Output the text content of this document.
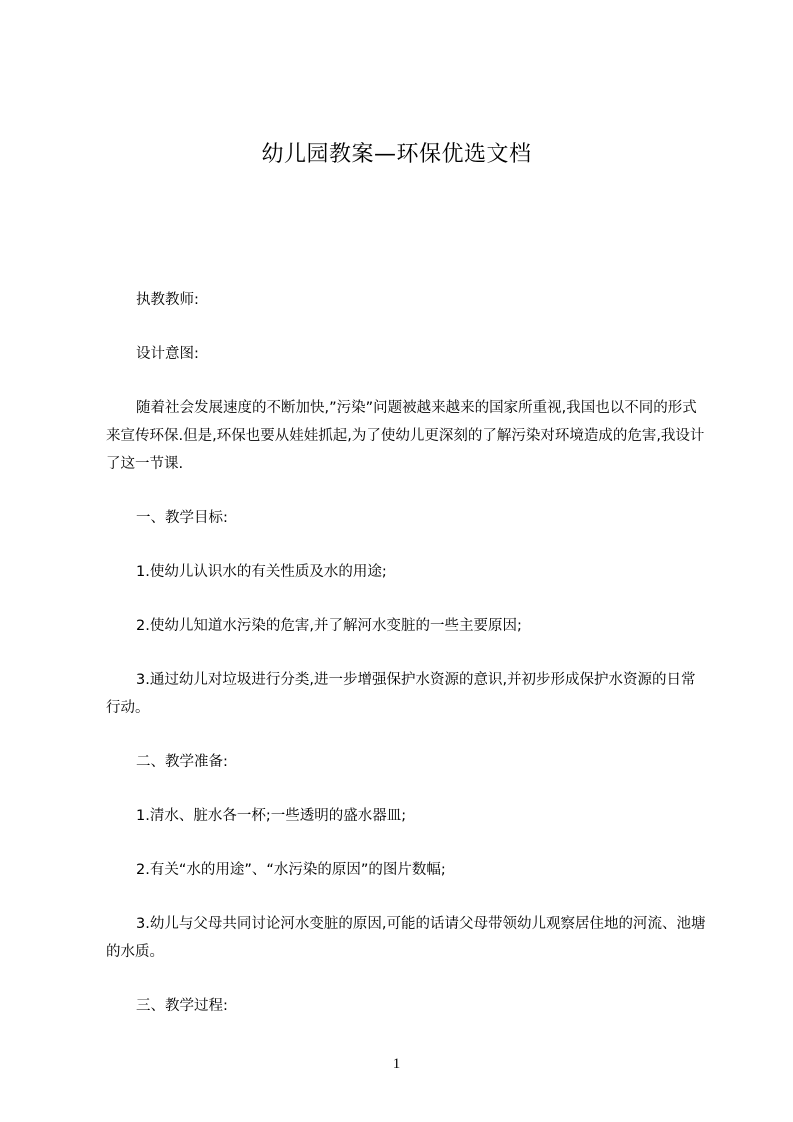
幼儿园教案—环保优选文档

执教教师:

设计意图:

随着社会发展速度的不断加快,”污染”问题被越来越来的国家所重视,我国也以不同的形式来宣传环保.但是,环保也要从娃娃抓起,为了使幼儿更深刻的了解污染对环境造成的危害,我设计了这一节课.

一、教学目标:

1.使幼儿认识水的有关性质及水的用途;

2.使幼儿知道水污染的危害,并了解河水变脏的一些主要原因;

3.通过幼儿对垃圾进行分类,进一步增强保护水资源的意识,并初步形成保护水资源的日常行动。

二、教学准备:

1.清水、脏水各一杯;一些透明的盛水器皿;

2.有关“水的用途”、“水污染的原因”的图片数幅;

3.幼儿与父母共同讨论河水变脏的原因,可能的话请父母带领幼儿观察居住地的河流、池塘的水质。

三、教学过程:

1
